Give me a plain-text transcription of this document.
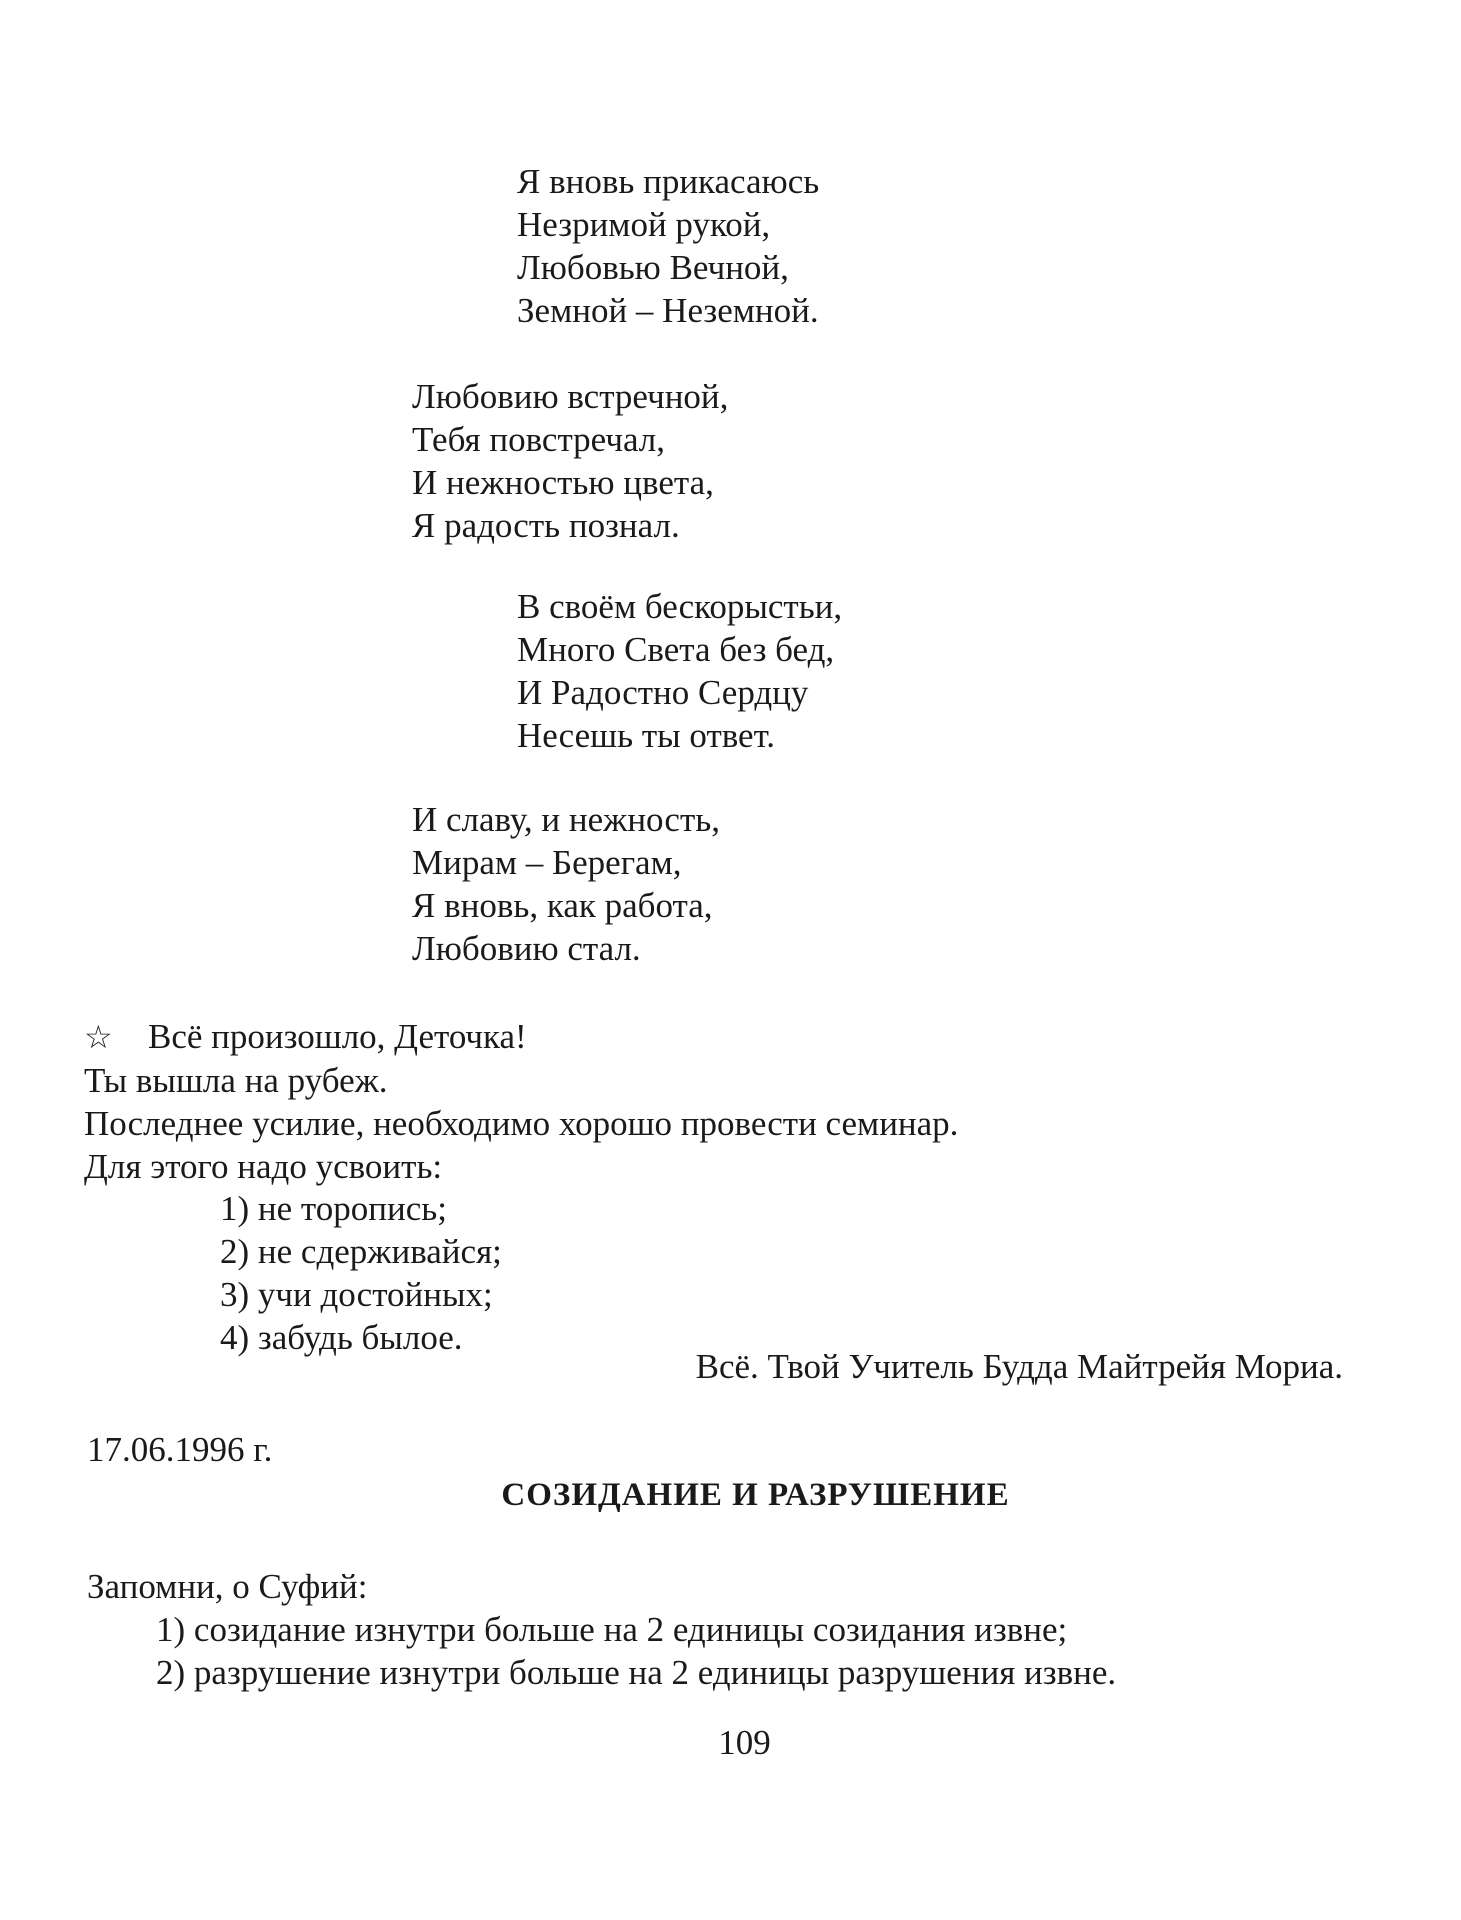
Я вновь прикасаюсь
Незримой рукой,
Любовью Вечной,
Земной – Неземной.
Любовию встречной,
Тебя повстречал,
И нежностью цвета,
Я радость познал.
В своём бескорыстьи,
Много Света без бед,
И Радостно Сердцу
Несешь ты ответ.
И славу, и нежность,
Мирам – Берегам,
Я вновь, как работа,
Любовию стал.
☆ Всё произошло, Деточка!
Ты вышла на рубеж.
Последнее усилие, необходимо хорошо провести семинар.
Для этого надо усвоить:
1) не торопись;
2) не сдерживайся;
3) учи достойных;
4) забудь былое.
Всё. Твой Учитель Будда Майтрейя Мориа.
17.06.1996 г.
СОЗИДАНИЕ И РАЗРУШЕНИЕ
Запомни, о Суфий:
1) созидание изнутри больше на 2 единицы созидания извне;
2) разрушение изнутри больше на 2 единицы разрушения извне.
109
